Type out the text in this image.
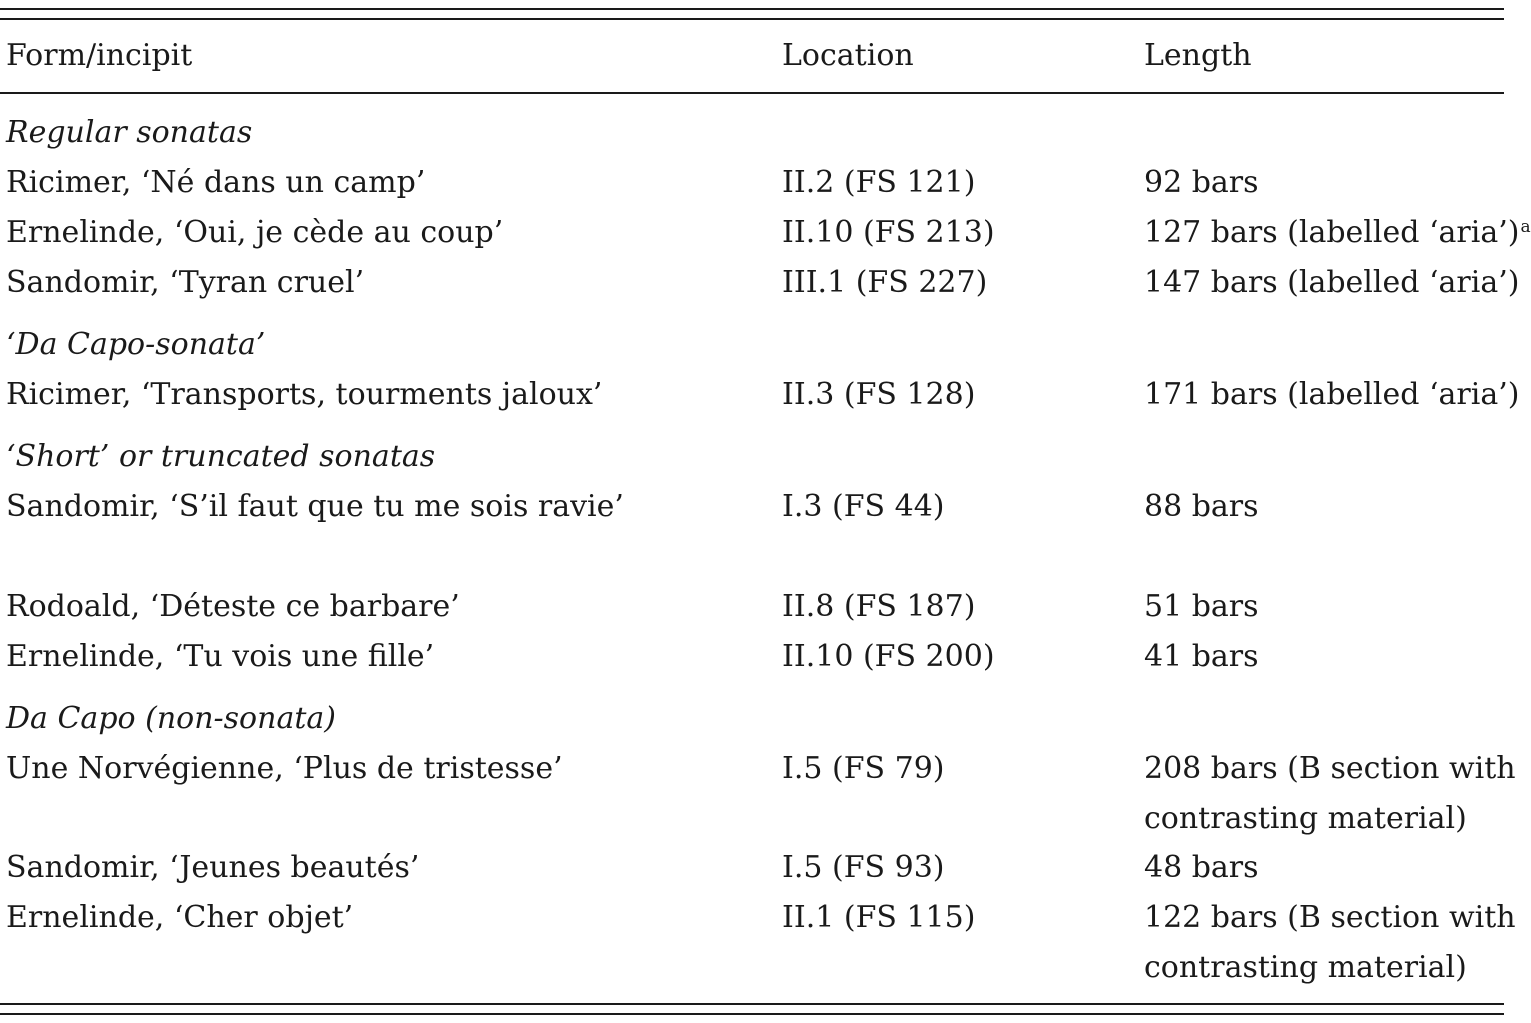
Form/incipit	Location	Length
Regular sonatas
Ricimer, ‘Né dans un camp’	II.2 (FS 121)	92 bars
Ernelinde, ‘Oui, je cède au coup’	II.10 (FS 213)	127 bars (labelled ‘aria’)$^a$
Sandomir, ‘Tyran cruel’	III.1 (FS 227)	147 bars (labelled ‘aria’)
‘Da Capo-sonata’
Ricimer, ‘Transports, tourments jaloux’	II.3 (FS 128)	171 bars (labelled ‘aria’)
‘Short’ or truncated sonatas
Sandomir, ‘S’il faut que tu me sois ravie’	I.3 (FS 44)	88 bars
Rodoald, ‘Déteste ce barbare’	II.8 (FS 187)	51 bars
Ernelinde, ‘Tu vois une fille’	II.10 (FS 200)	41 bars
Da Capo (non-sonata)
Une Norvégienne, ‘Plus de tristesse’	I.5 (FS 79)	208 bars (B section with
contrasting material)
Sandomir, ‘Jeunes beautés’	I.5 (FS 93)	48 bars
Ernelinde, ‘Cher objet’	II.1 (FS 115)	122 bars (B section with
contrasting material)
